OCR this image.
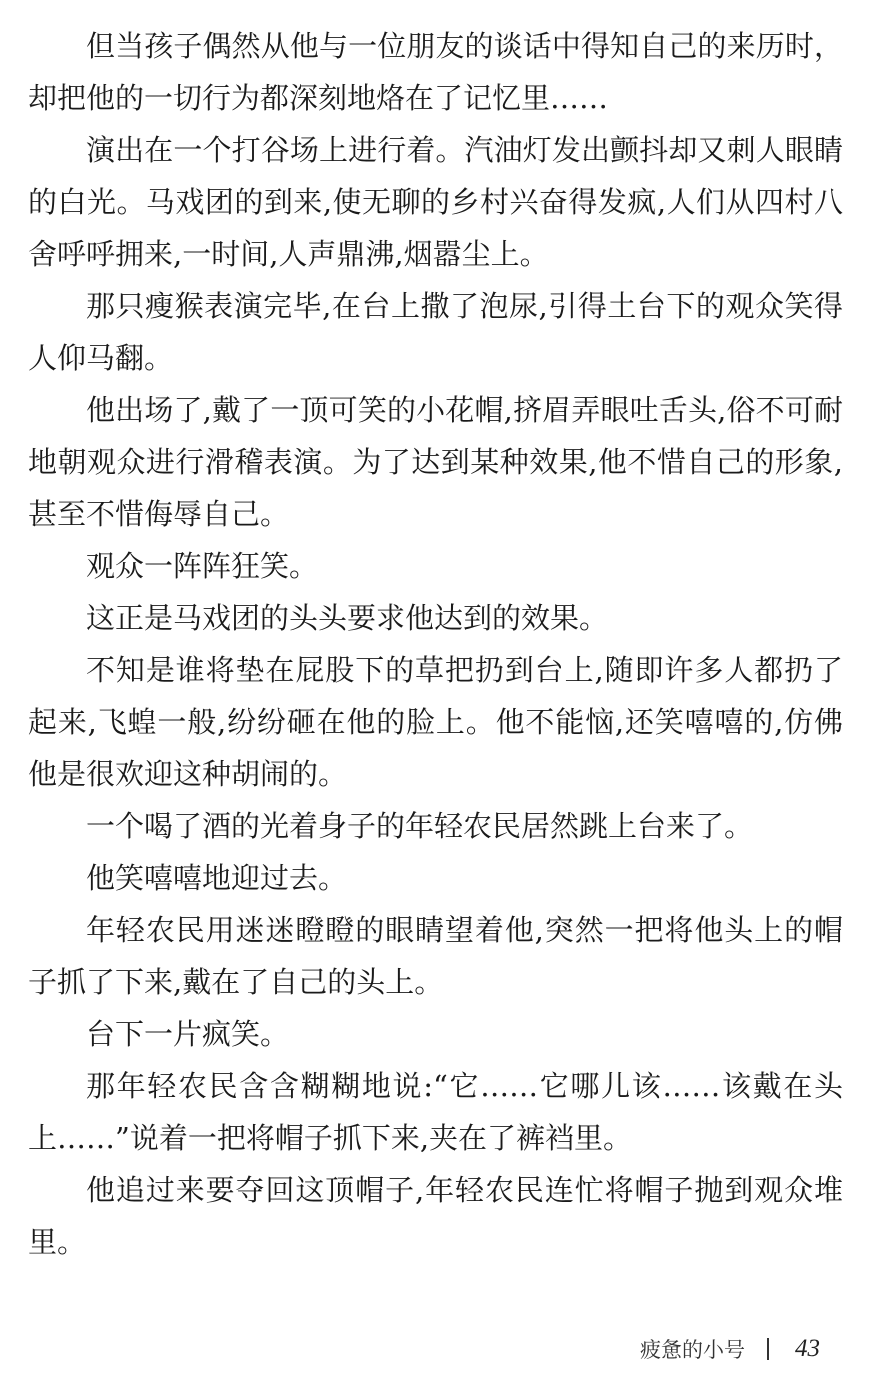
但当孩子偶然从他与一位朋友的谈话中得知自己的来历时，却把他的一切行为都深刻地烙在了记忆里……

演出在一个打谷场上进行着。汽油灯发出颤抖却又刺人眼睛的白光。马戏团的到来,使无聊的乡村兴奋得发疯,人们从四村八舍呼呼拥来,一时间,人声鼎沸,烟嚣尘上。

那只瘦猴表演完毕,在台上撒了泡尿,引得土台下的观众笑得人仰马翻。

他出场了,戴了一顶可笑的小花帽,挤眉弄眼吐舌头,俗不可耐地朝观众进行滑稽表演。为了达到某种效果,他不惜自己的形象,甚至不惜侮辱自己。

观众一阵阵狂笑。

这正是马戏团的头头要求他达到的效果。

不知是谁将垫在屁股下的草把扔到台上,随即许多人都扔了起来,飞蝗一般,纷纷砸在他的脸上。他不能恼,还笑嘻嘻的,仿佛他是很欢迎这种胡闹的。

一个喝了酒的光着身子的年轻农民居然跳上台来了。

他笑嘻嘻地迎过去。

年轻农民用迷迷瞪瞪的眼睛望着他,突然一把将他头上的帽子抓了下来,戴在了自己的头上。

台下一片疯笑。

那年轻农民含含糊糊地说:“它……它哪儿该……该戴在头上……”说着一把将帽子抓下来,夹在了裤裆里。

他追过来要夺回这顶帽子,年轻农民连忙将帽子抛到观众堆里。

疲惫的小号 43
